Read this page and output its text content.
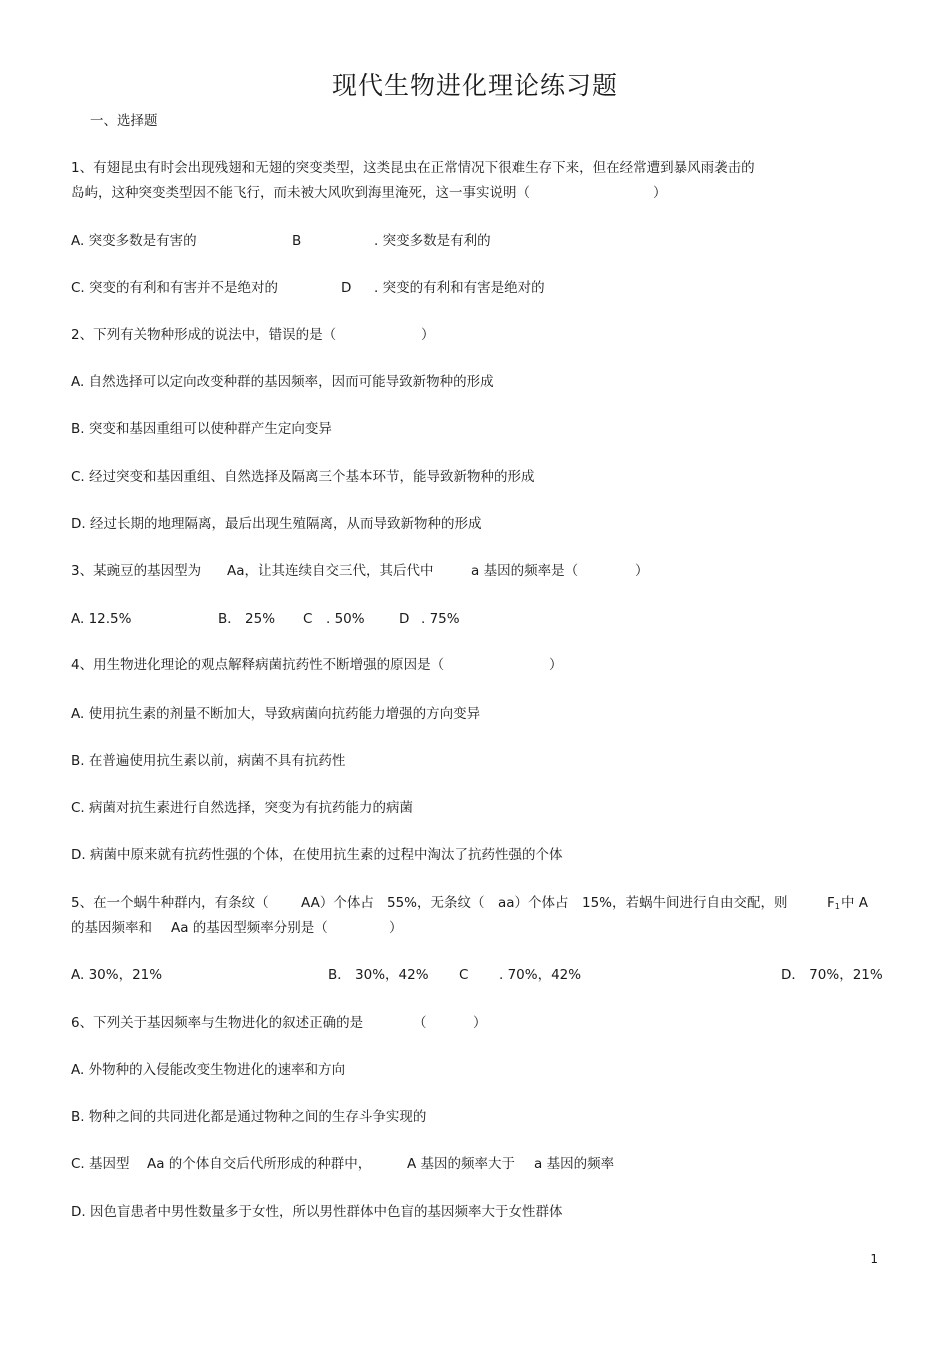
现代生物进化理论练习题
一、选择题
1、有翅昆虫有时会出现残翅和无翅的突变类型，这类昆虫在正常情况下很难生存下来，但在经常遭到暴风雨袭击的
岛屿，这种突变类型因不能飞行，而未被大风吹到海里淹死，这一事实说明（	）
A. 突变多数是有害的	B	. 突变多数是有利的
C. 突变的有利和有害并不是绝对的	D . 突变的有利和有害是绝对的
2、下列有关物种形成的说法中，错误的是（	）
A. 自然选择可以定向改变种群的基因频率，因而可能导致新物种的形成
B. 突变和基因重组可以使种群产生定向变异
C. 经过突变和基因重组、自然选择及隔离三个基本环节，能导致新物种的形成
D. 经过长期的地理隔离，最后出现生殖隔离，从而导致新物种的形成
3、某豌豆的基因型为 Aa，让其连续自交三代，其后代中	a 基因的频率是（	）
A. 12.5%	B． 25% C . 50%	D . 75%
4、用生物进化理论的观点解释病菌抗药性不断增强的原因是（	）
A. 使用抗生素的剂量不断加大，导致病菌向抗药能力增强的方向变异
B. 在普遍使用抗生素以前，病菌不具有抗药性
C. 病菌对抗生素进行自然选择，突变为有抗药能力的病菌
D. 病菌中原来就有抗药性强的个体，在使用抗生素的过程中淘汰了抗药性强的个体
5、在一个蜗牛种群内，有条纹（ AA）个体占 55%，无条纹（ aa）个体占 15%，若蜗牛间进行自由交配，则	$F_1$ 中 A
的基因频率和 Aa 的基因型频率分别是（	）
A. 30%，21%	B． 30%，42% C . 70%，42%	D． 70%，21%
6、下列关于基因频率与生物进化的叙述正确的是	（	）
A. 外物种的入侵能改变生物进化的速率和方向
B. 物种之间的共同进化都是通过物种之间的生存斗争实现的
C. 基因型 Aa 的个体自交后代所形成的种群中，	A 基因的频率大于 a 基因的频率
D. 因色盲患者中男性数量多于女性，所以男性群体中色盲的基因频率大于女性群体
1
